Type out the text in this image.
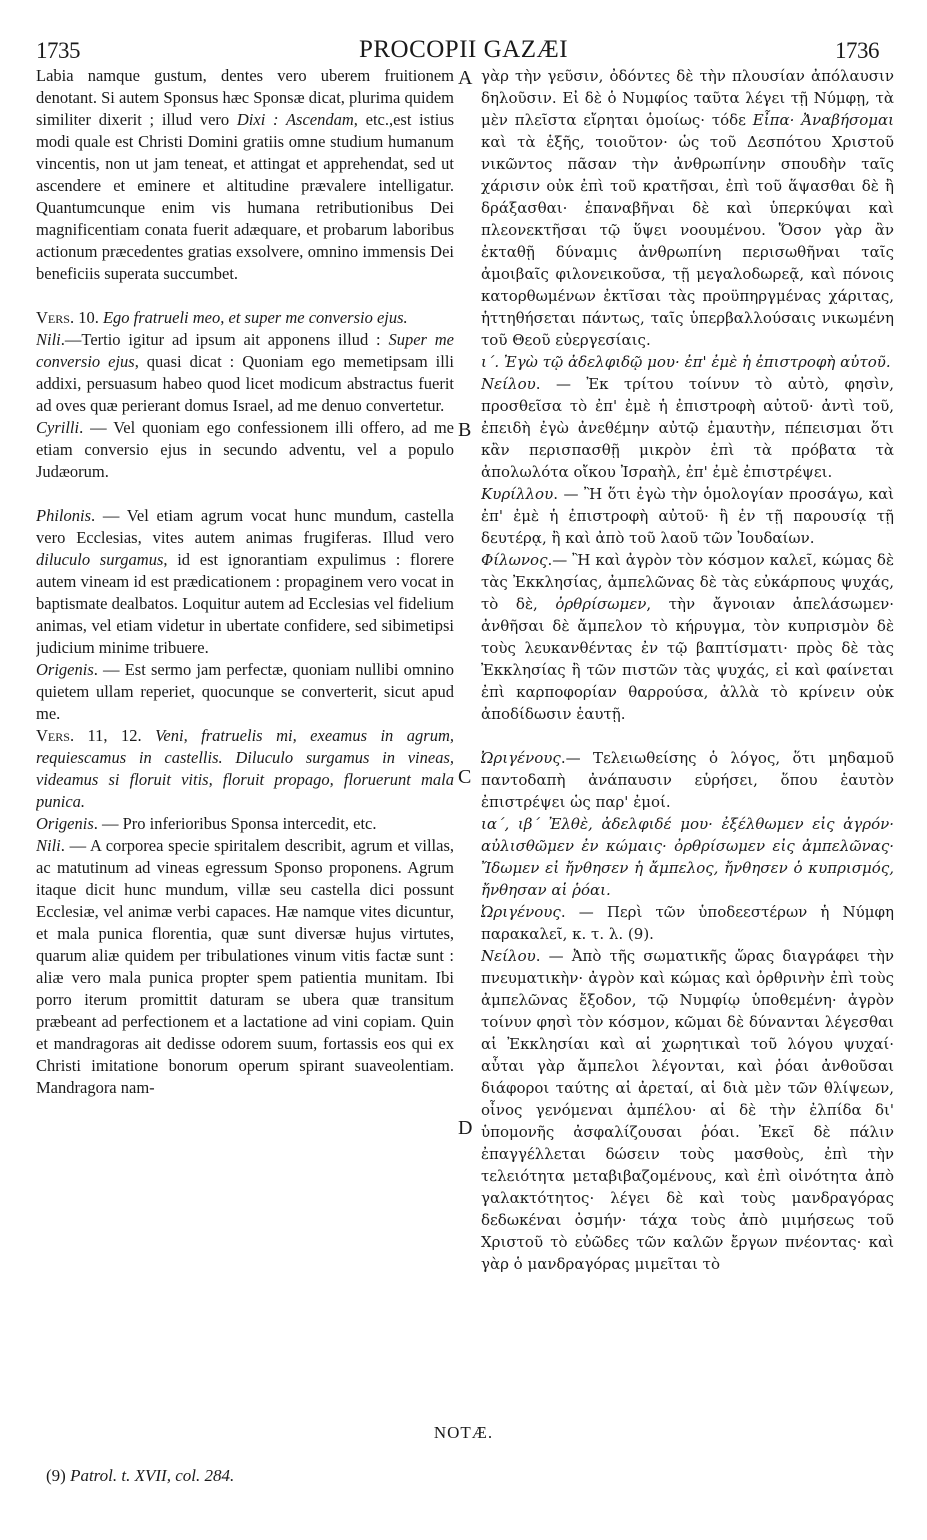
1735	PROCOPII GAZÆI	1736

Labia namque gustum, dentes vero uberem fruitionem denotant. Si autem Sponsus hæc Sponsæ dicat, plurima quidem similiter dixerit ; illud vero Dixi : Ascendam, etc.,est istius modi quale est Christi Domini gratiis omne studium humanum vincentis, non ut jam teneat, et attingat et apprehendat, sed ut ascendere et eminere et altitudine prævalere intelligatur. Quantumcunque enim vis humana retributionibus Dei magnificentiam conata fuerit adæquare, et probarum laboribus actionum præcedentes gratias exsolvere, omnino immensis Dei beneficiis superata succumbet.

Vers. 10. Ego fratrueli meo, et super me conversio ejus.

Nili.—Tertio igitur ad ipsum ait apponens illud : Super me conversio ejus, quasi dicat : Quoniam ego memetipsam illi addixi, persuasum habeo quod licet modicum abstractus fuerit ad oves quæ perierant domus Israel, ad me denuo convertetur.

Cyrilli. — Vel quoniam ego confessionem illi offero, ad me etiam conversio ejus in secundo adventu, vel a populo Judæorum.

Philonis. — Vel etiam agrum vocat hunc mundum, castella vero Ecclesias, vites autem animas frugiferas. Illud vero diluculo surgamus, id est ignorantiam expulimus : florere autem vineam id est prædicationem : propaginem vero vocat in baptismate dealbatos. Loquitur autem ad Ecclesias vel fidelium animas, vel etiam videtur in ubertate confidere, sed sibimetipsi judicium minime tribuere.

Origenis. — Est sermo jam perfectæ, quoniam nullibi omnino quietem ullam reperiet, quocunque se converterit, sicut apud me.

Vers. 11, 12. Veni, fratruelis mi, exeamus in agrum, requiescamus in castellis. Diluculo surgamus in vineas, videamus si floruit vitis, floruit propago, floruerunt mala punica.

Origenis. — Pro inferioribus Sponsa intercedit, etc.

Nili. — A corporea specie spiritalem describit, agrum et villas, ac matutinum ad vineas egressum Sponso proponens. Agrum itaque dicit hunc mundum, villæ seu castella dici possunt Ecclesiæ, vel animæ verbi capaces. Hæ namque vites dicuntur, et mala punica florentia, quæ sunt diversæ hujus virtutes, quarum aliæ quidem per tribulationes vinum vitis factæ sunt : aliæ vero mala punica propter spem patientia munitam. Ibi porro iterum promittit daturam se ubera quæ transitum præbeant ad perfectionem et a lactatione ad vini copiam. Quin et mandragoras ait dedisse odorem suum, fortassis eos qui ex Christi imitatione bonorum operum spirant suaveolentiam. Mandragora nam-

γὰρ τὴν γεῦσιν, ὀδόντες δὲ τὴν πλουσίαν ἀπόλαυσιν δηλοῦσιν. Εἰ δὲ ὁ Νυμφίος ταῦτα λέγει τῇ Νύμφῃ, τὰ μὲν πλεῖστα εἴρηται ὁμοίως· τόδε Εἶπα· Ἀναβήσομαι καὶ τὰ ἑξῆς, τοιοῦτον· ὡς τοῦ Δεσπότου Χριστοῦ νικῶντος πᾶσαν τὴν ἀνθρωπίνην σπουδὴν ταῖς χάρισιν οὐκ ἐπὶ τοῦ κρατῆσαι, ἐπὶ τοῦ ἅψασθαι δὲ ἢ δράξασθαι· ἐπαναβῆναι δὲ καὶ ὑπερκύψαι καὶ πλεονεκτῆσαι τῷ ὕψει νοουμένου. Ὅσον γὰρ ἂν ἐκταθῇ δύναμις ἀνθρωπίνη περισωθῆναι ταῖς ἀμοιβαῖς φιλονεικοῦσα, τῇ μεγαλοδωρεᾷ, καὶ πόνοις κατορθωμένων ἐκτῖσαι τὰς προϋπηργμένας χάριτας, ἡττηθήσεται πάντως, ταῖς ὑπερβαλλούσαις νικωμένη τοῦ Θεοῦ εὐεργεσίαις.

ι´. Ἐγὼ τῷ ἀδελφιδῷ μου· ἐπ' ἐμὲ ἡ ἐπιστροφὴ αὐτοῦ.

Νείλου. — Ἐκ τρίτου τοίνυν τὸ αὐτὸ, φησὶν, προσθεῖσα τὸ ἐπ' ἐμὲ ἡ ἐπιστροφὴ αὐτοῦ· ἀντὶ τοῦ, ἐπειδὴ ἐγὼ ἀνεθέμην αὐτῷ ἐμαυτὴν, πέπεισμαι ὅτι κἂν περισπασθῇ μικρὸν ἐπὶ τὰ πρόβατα τὰ ἀπολωλότα οἴκου Ἰσραὴλ, ἐπ' ἐμὲ ἐπιστρέψει.

Κυρίλλου. — Ἢ ὅτι ἐγὼ τὴν ὁμολογίαν προσάγω, καὶ ἐπ' ἐμὲ ἡ ἐπιστροφὴ αὐτοῦ· ἢ ἐν τῇ παρουσίᾳ τῇ δευτέρᾳ, ἢ καὶ ἀπὸ τοῦ λαοῦ τῶν Ἰουδαίων.

Φίλωνος.— Ἢ καὶ ἀγρὸν τὸν κόσμον καλεῖ, κώμας δὲ τὰς Ἐκκλησίας, ἀμπελῶνας δὲ τὰς εὐκάρπους ψυχάς, τὸ δὲ, ὀρθρίσωμεν, τὴν ἄγνοιαν ἀπελάσωμεν· ἀνθῆσαι δὲ ἄμπελον τὸ κήρυγμα, τὸν κυπρισμὸν δὲ τοὺς λευκανθέντας ἐν τῷ βαπτίσματι· πρὸς δὲ τὰς Ἐκκλησίας ἢ τῶν πιστῶν τὰς ψυχάς, εἰ καὶ φαίνεται ἐπὶ καρποφορίαν θαρρούσα, ἀλλὰ τὸ κρίνειν οὐκ ἀποδίδωσιν ἑαυτῇ.

Ὠριγένους.— Τελειωθείσης ὁ λόγος, ὅτι μηδαμοῦ παντοδαπὴ ἀνάπαυσιν εὑρήσει, ὅπου ἑαυτὸν ἐπιστρέψει ὡς παρ' ἐμοί.

ια´, ιβ´ Ἐλθὲ, ἀδελφιδέ μου· ἐξέλθωμεν εἰς ἀγρόν· αὐλισθῶμεν ἐν κώμαις· ὀρθρίσωμεν εἰς ἀμπελῶνας· Ἴδωμεν εἰ ἤνθησεν ἡ ἄμπελος, ἤνθησεν ὁ κυπρισμός, ἤνθησαν αἱ ῥόαι.

Ὠριγένους. — Περὶ τῶν ὑποδεεστέρων ἡ Νύμφη παρακαλεῖ, κ. τ. λ. (9).

Νείλου. — Ἀπὸ τῆς σωματικῆς ὥρας διαγράφει τὴν πνευματικὴν· ἀγρὸν καὶ κώμας καὶ ὀρθρινὴν ἐπὶ τοὺς ἀμπελῶνας ἔξοδον, τῷ Νυμφίῳ ὑποθεμένη· ἀγρὸν τοίνυν φησὶ τὸν κόσμον, κῶμαι δὲ δύνανται λέγεσθαι αἱ Ἐκκλησίαι καὶ αἱ χωρητικαὶ τοῦ λόγου ψυχαί· αὗται γὰρ ἄμπελοι λέγονται, καὶ ῥόαι ἀνθοῦσαι διάφοροι ταύτης αἱ ἀρεταί, αἱ διὰ μὲν τῶν θλίψεων, οἶνος γενόμεναι ἀμπέλου· αἱ δὲ τὴν ἐλπίδα δι' ὑπομονῆς ἀσφαλίζουσαι ῥόαι. Ἐκεῖ δὲ πάλιν ἐπαγγέλλεται δώσειν τοὺς μασθοὺς, ἐπὶ τὴν τελειότητα μεταβιβαζομένους, καὶ ἐπὶ οἰνότητα ἀπὸ γαλακτότητος· λέγει δὲ καὶ τοὺς μανδραγόρας δεδωκέναι ὀσμήν· τάχα τοὺς ἀπὸ μιμήσεως τοῦ Χριστοῦ τὸ εὐῶδες τῶν καλῶν ἔργων πνέοντας· καὶ γὰρ ὁ μανδραγόρας μιμεῖται τὸ

A
B
C
D
NOTÆ.
(9) Patrol. t. XVII, col. 284.
